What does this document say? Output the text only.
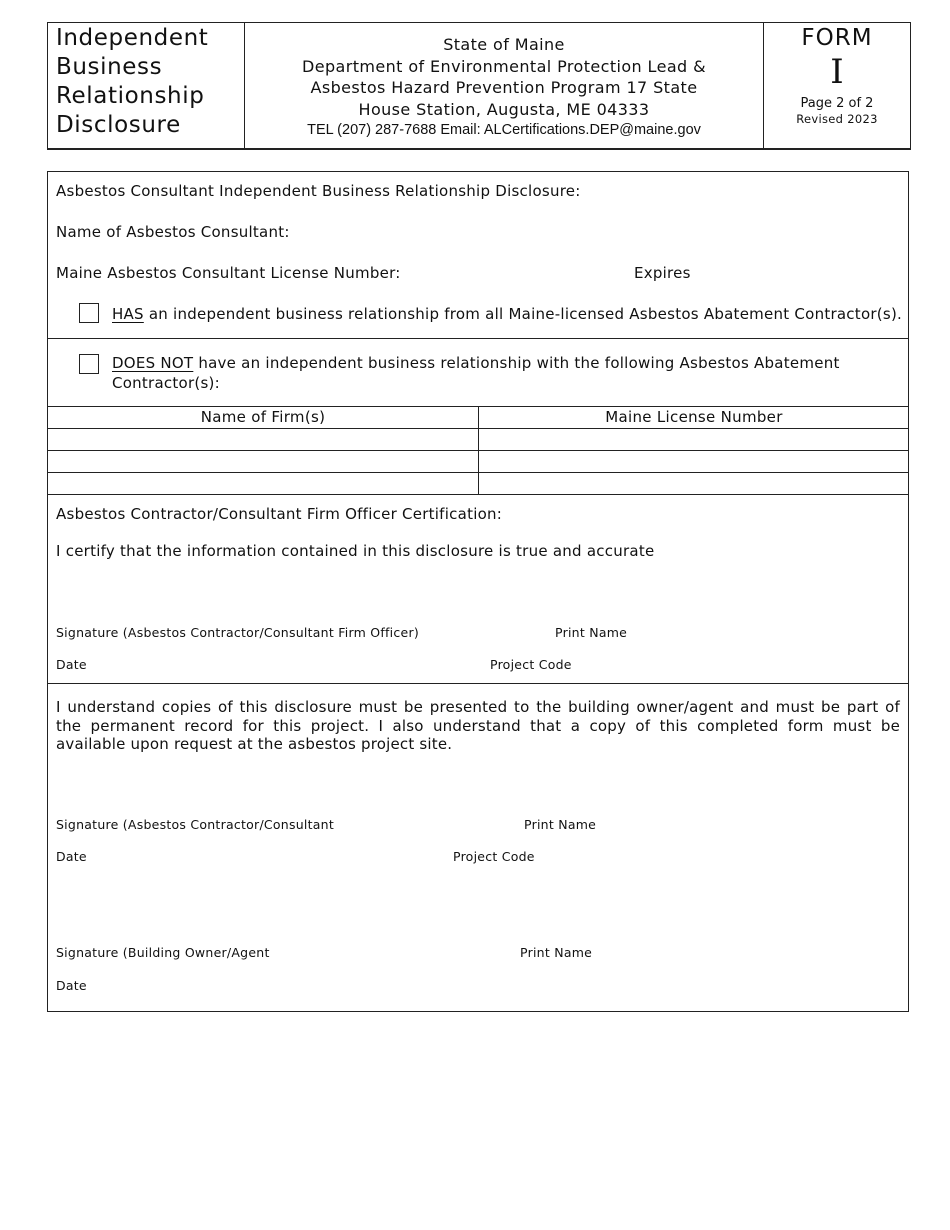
Independent
Business
Relationship
Disclosure
State of Maine
Department of Environmental Protection Lead &
Asbestos Hazard Prevention Program 17 State
House Station, Augusta, ME 04333
TEL (207) 287-7688 Email: ALCertifications.DEP@maine.gov
FORM
I
Page 2 of 2
Revised 2023
Asbestos Consultant Independent Business Relationship Disclosure:
Name of Asbestos Consultant:
Maine Asbestos Consultant License Number:	Expires
HAS an independent business relationship from all Maine-licensed Asbestos Abatement Contractor(s).
DOES NOT have an independent business relationship with the following Asbestos Abatement
Contractor(s):
Name of Firm(s)	Maine License Number
Asbestos Contractor/Consultant Firm Officer Certification:
I certify that the information contained in this disclosure is true and accurate
____________________________________________
Signature (Asbestos Contractor/Consultant Firm Officer)	Print Name
Date	Project Code
I understand copies of this disclosure must be presented to the building owner/agent and must be part of the permanent record for this project. I also understand that a copy of this completed form must be available upon request at the asbestos project site.
___________________________________________
Signature (Asbestos Contractor/Consultant	Print Name
Date	Project Code
___________________________________________
Signature (Building Owner/Agent	Print Name
Date
